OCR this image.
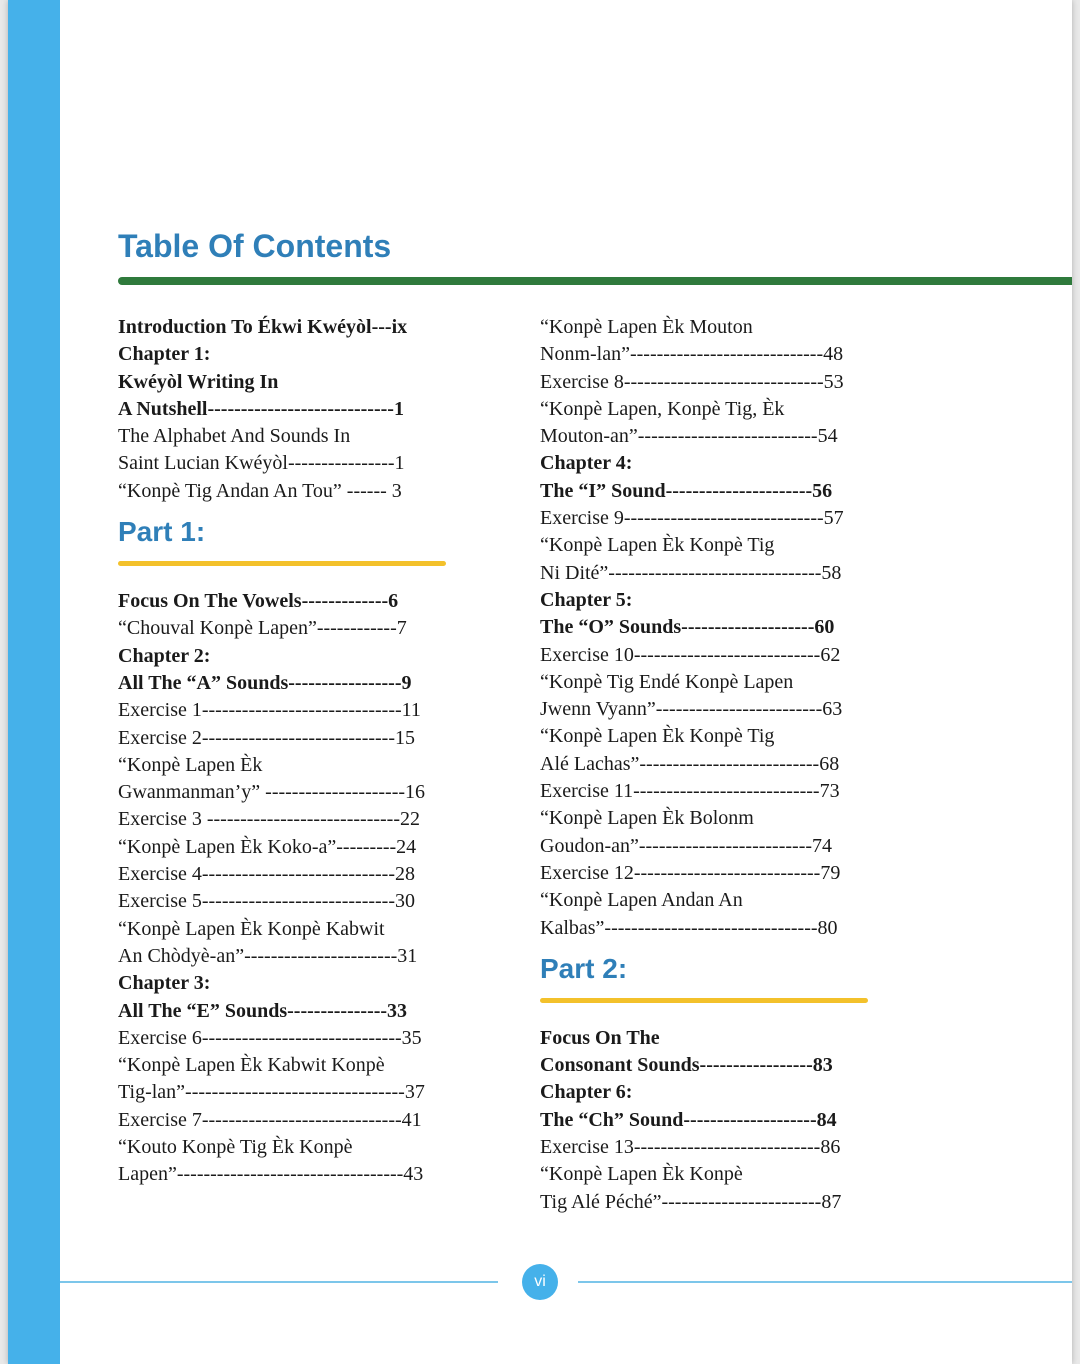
Table Of Contents
Introduction To Ékwi Kwéyòl---ix
Chapter 1:
Kwéyòl Writing In
A Nutshell----------------------------1
The Alphabet And Sounds In
Saint Lucian Kwéyòl----------------1
“Konpè Tig Andan An Tou” ------ 3
Part 1:
Focus On The Vowels-------------6
“Chouval Konpè Lapen”------------7
Chapter 2:
All The “A” Sounds-----------------9
Exercise 1------------------------------11
Exercise 2-----------------------------15
“Konpè Lapen Èk
Gwanmanman’y” ---------------------16
Exercise 3 -----------------------------22
“Konpè Lapen Èk Koko-a”---------24
Exercise 4-----------------------------28
Exercise 5-----------------------------30
“Konpè Lapen Èk Konpè Kabwit
An Chòdyè-an”-----------------------31
Chapter 3:
All The “E” Sounds---------------33
Exercise 6------------------------------35
“Konpè Lapen Èk Kabwit Konpè
Tig-lan”---------------------------------37
Exercise 7------------------------------41
“Kouto Konpè Tig Èk Konpè
Lapen”----------------------------------43
“Konpè Lapen Èk Mouton
Nonm-lan”-----------------------------48
Exercise 8------------------------------53
“Konpè Lapen, Konpè Tig, Èk
Mouton-an”---------------------------54
Chapter 4:
The “I” Sound----------------------56
Exercise 9------------------------------57
“Konpè Lapen Èk Konpè Tig
Ni Dité”--------------------------------58
Chapter 5:
The “O” Sounds--------------------60
Exercise 10----------------------------62
“Konpè Tig Endé Konpè Lapen
Jwenn Vyann”-------------------------63
“Konpè Lapen Èk Konpè Tig
Alé Lachas”---------------------------68
Exercise 11----------------------------73
“Konpè Lapen Èk Bolonm
Goudon-an”--------------------------74
Exercise 12----------------------------79
“Konpè Lapen Andan An
Kalbas”--------------------------------80
Part 2:
Focus On The
Consonant Sounds-----------------83
Chapter 6:
The “Ch” Sound--------------------84
Exercise 13----------------------------86
“Konpè Lapen Èk Konpè
Tig Alé Péché”------------------------87
vi
